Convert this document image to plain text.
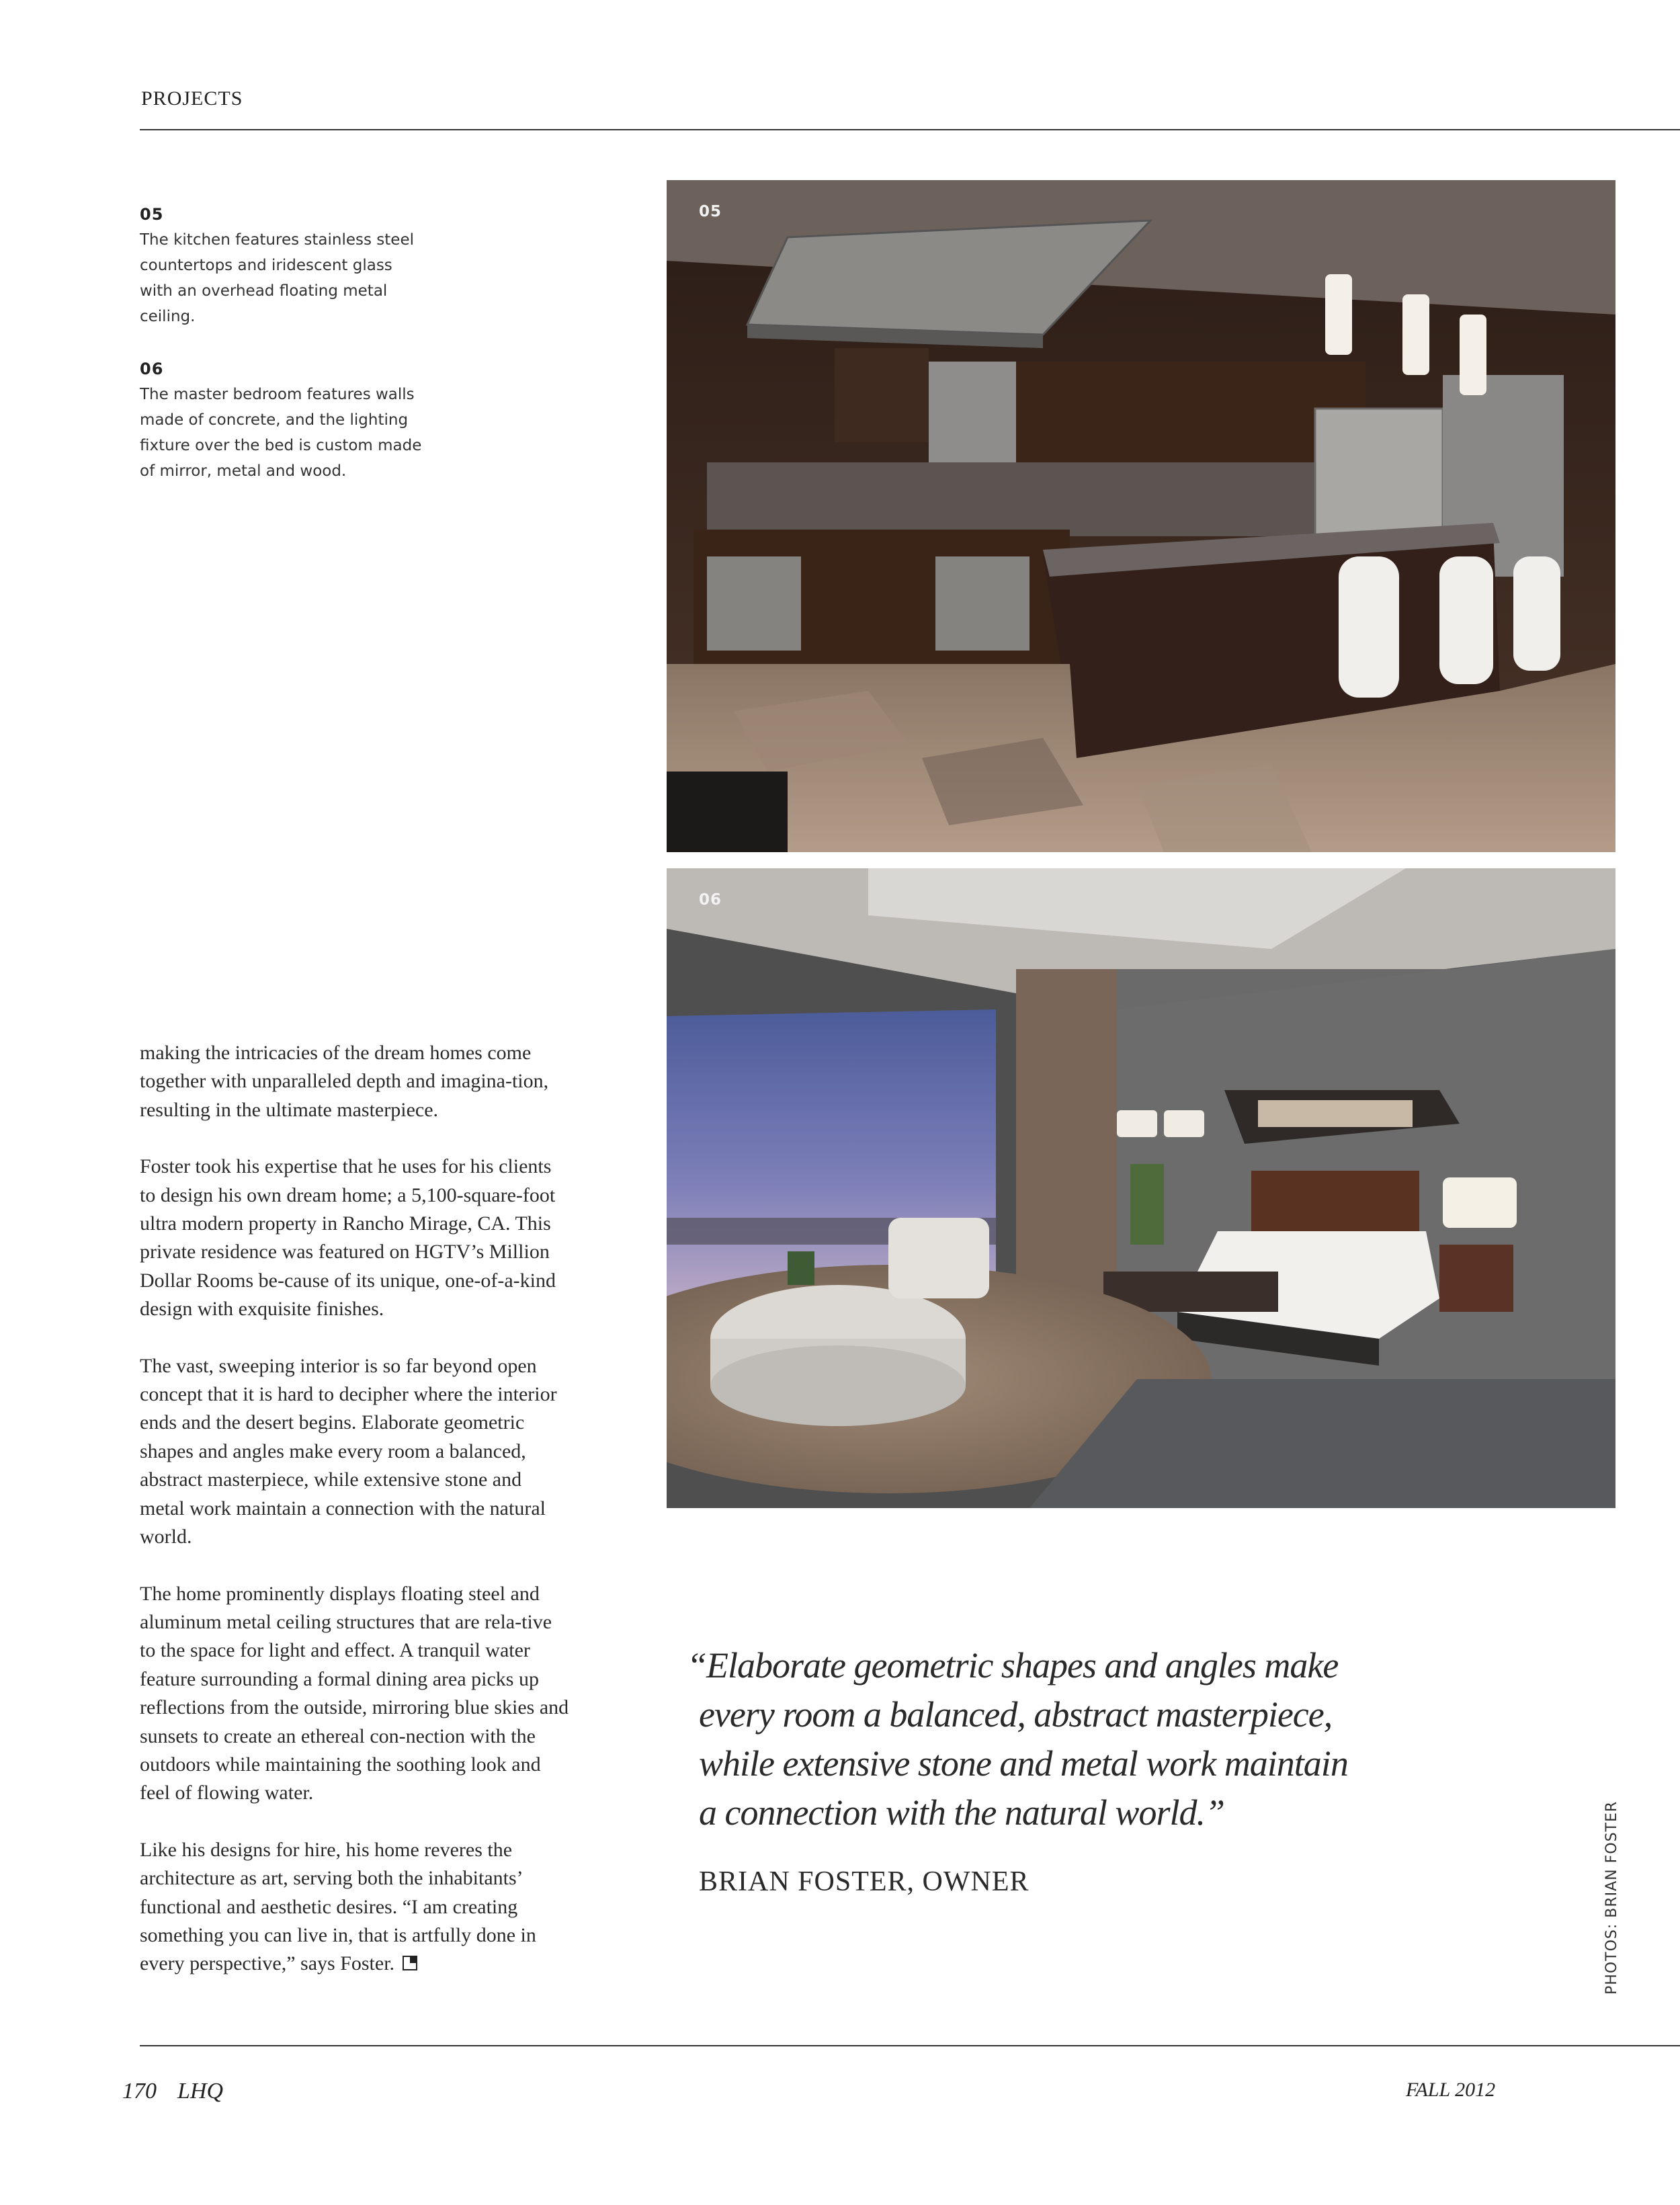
PROJECTS
05
The kitchen features stainless steel countertops and iridescent glass with an overhead floating metal ceiling.
06
The master bedroom features walls made of concrete, and the lighting fixture over the bed is custom made of mirror, metal and wood.
05
06

making the intricacies of the dream homes come together with unparalleled depth and imagina-tion, resulting in the ultimate masterpiece.

Foster took his expertise that he uses for his clients to design his own dream home; a 5,100-square-foot ultra modern property in Rancho Mirage, CA. This private residence was featured on HGTV’s Million Dollar Rooms be-cause of its unique, one-of-a-kind design with exquisite finishes.

The vast, sweeping interior is so far beyond open concept that it is hard to decipher where the interior ends and the desert begins. Elaborate geometric shapes and angles make every room a balanced, abstract masterpiece, while extensive stone and metal work maintain a connection with the natural world.

The home prominently displays floating steel and aluminum metal ceiling structures that are rela-tive to the space for light and effect. A tranquil water feature surrounding a formal dining area picks up reflections from the outside, mirroring blue skies and sunsets to create an ethereal con-nection with the outdoors while maintaining the soothing look and feel of flowing water.

Like his designs for hire, his home reveres the architecture as art, serving both the inhabitants’ functional and aesthetic desires. “I am creating something you can live in, that is artfully done in every perspective,” says Foster.

“Elaborate geometric shapes and angles make
every room a balanced, abstract masterpiece,
while extensive stone and metal work maintain
a connection with the natural world.”
BRIAN FOSTER, OWNER	PHOTOS: BRIAN FOSTER
170 LHQ	FALL 2012
